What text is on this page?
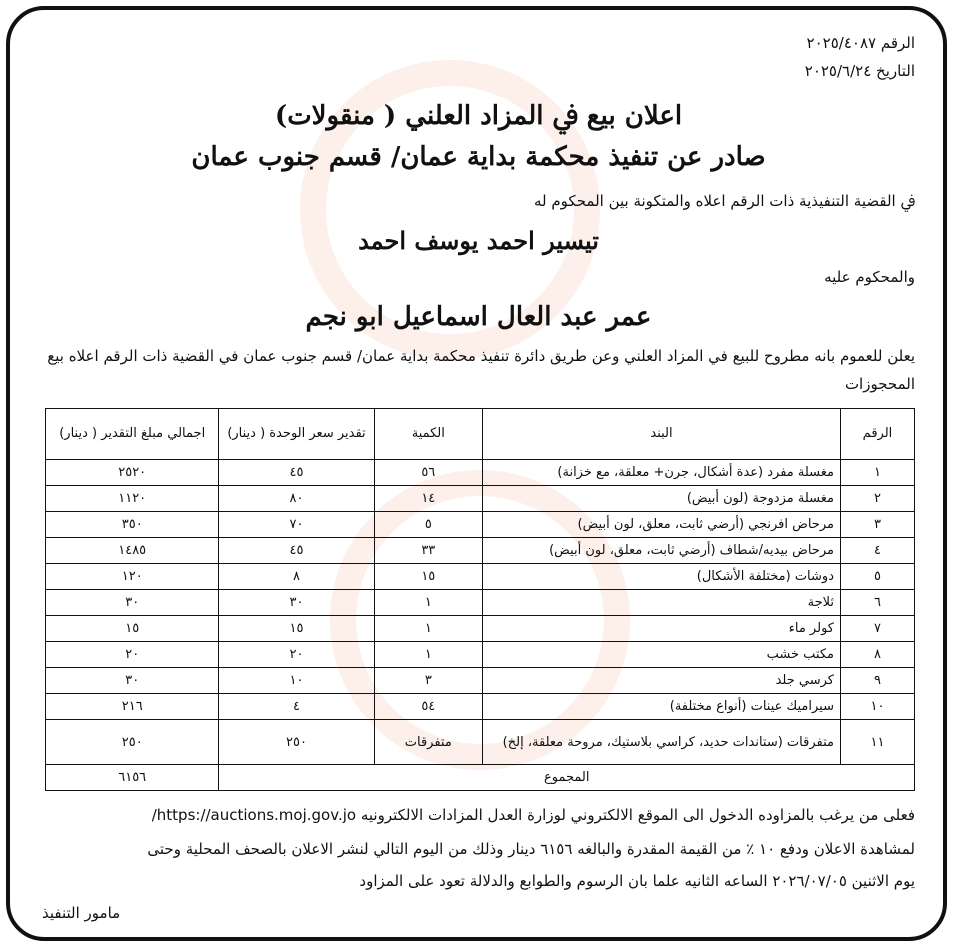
الرقم ٢٠٢٥/٤٠٨٧
التاريخ ٢٠٢٥/٦/٢٤
اعلان بيع ﰲ المزاد العلني ( منقولات)
صادر عن تنفيذ محكمة بداية عمان/ قسم جنوب عمان
ﰲ القضية التنفيذية ذات الرقم اعلاه والمتكونة بين المحكوم له
تيسير احمد يوسف احمد
والمحكوم عليه
عمر عبد العال اسماعيل ابو نجم
يعلن للعموم بانه مطروح للبيع في المزاد العلني وعن طريق دائرة تنفيذ محكمة بداية عمان/ قسم جنوب عمان في القضية ذات الرقم اعلاه بيع المحجوزات
الرقم	البند	الكمية	تقدير سعر الوحدة ( دينار)	اجمالي مبلغ التقدير ( دينار)
١	مغسلة مفرد (عدة أشكال، جرن+ معلقة، مع خزانة)	٥٦	٤٥	٢٥٢٠
٢	مغسلة مزدوجة (لون أبيض)	١٤	٨٠	١١٢٠
٣	مرحاض افرنجي (أرضي ثابت، معلق، لون أبيض)	٥	٧٠	٣٥٠
٤	مرحاض بيديه/شطاف (أرضي ثابت، معلق، لون أبيض)	٣٣	٤٥	١٤٨٥
٥	دوشات (مختلفة الأشكال)	١٥	٨	١٢٠
٦	ثلاجة	١	٣٠	٣٠
٧	كولر ماء	١	١٥	١٥
٨	مكتب خشب	١	٢٠	٢٠
٩	كرسي جلد	٣	١٠	٣٠
١٠	سيراميك عينات (أنواع مختلفة)	٥٤	٤	٢١٦
١١	متفرقات (ستاندات حديد، كراسي بلاستيك، مروحة معلقة، إلخ)	متفرقات	٢٥٠	٢٥٠
المجموع				٦١٥٦
فعلى من يرغب بالمزاوده الدخول الى الموقع الالكتروني لوزارة العدل المزادات الالكترونيه https://auctions.moj.gov.jo/
لمشاهدة الاعلان ودفع ١٠ ٪ من القيمة المقدرة والبالغه ٦١٥٦ دينار وذلك من اليوم التالي لنشر الاعلان بالصحف المحلية وحتى
يوم الاثنين ٢٠٢٦/٠٧/٠٥ الساعه الثانيه علما بان الرسوم والطوابع والدلالة تعود على المزاود
مامور التنفيذ
